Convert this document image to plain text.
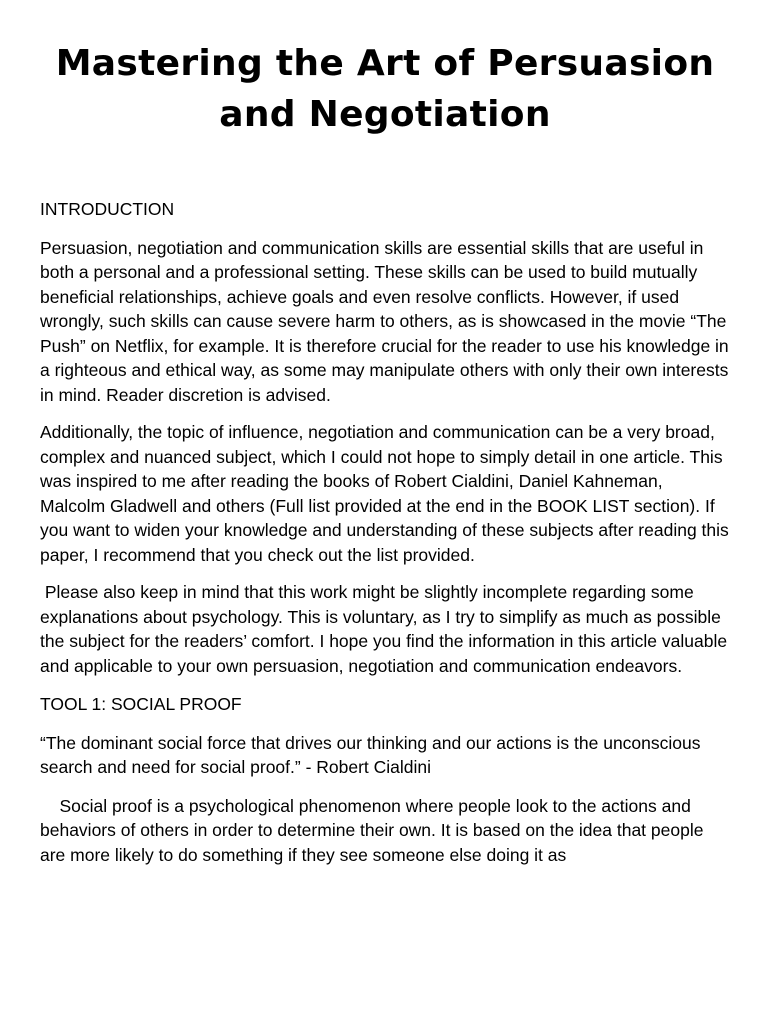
Mastering the Art of Persuasion and Negotiation

INTRODUCTION

Persuasion, negotiation and communication skills are essential skills that are useful in both a personal and a professional setting. These skills can be used to build mutually beneficial relationships, achieve goals and even resolve conflicts. However, if used wrongly, such skills can cause severe harm to others, as is showcased in the movie “The Push” on Netflix, for example. It is therefore crucial for the reader to use his knowledge in a righteous and ethical way, as some may manipulate others with only their own interests in mind. Reader discretion is advised.

Additionally, the topic of influence, negotiation and communication can be a very broad, complex and nuanced subject, which I could not hope to simply detail in one article. This was inspired to me after reading the books of Robert Cialdini, Daniel Kahneman, Malcolm Gladwell and others (Full list provided at the end in the BOOK LIST section). If you want to widen your knowledge and understanding of these subjects after reading this paper, I recommend that you check out the list provided.

Please also keep in mind that this work might be slightly incomplete regarding some explanations about psychology. This is voluntary, as I try to simplify as much as possible the subject for the readers’ comfort. I hope you find the information in this article valuable and applicable to your own persuasion, negotiation and communication endeavors.

TOOL 1: SOCIAL PROOF

“The dominant social force that drives our thinking and our actions is the unconscious search and need for social proof.” - Robert Cialdini

Social proof is a psychological phenomenon where people look to the actions and behaviors of others in order to determine their own. It is based on the idea that people are more likely to do something if they see someone else doing it as
